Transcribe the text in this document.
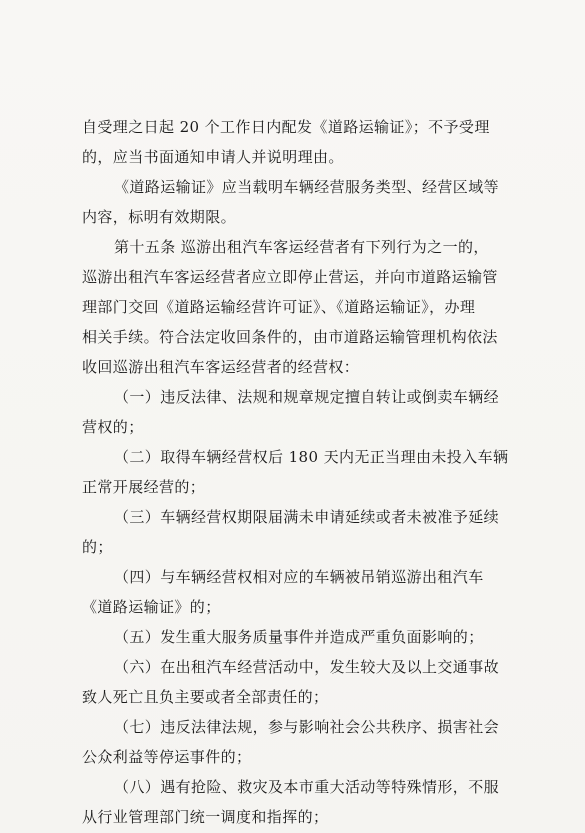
自受理之日起 20 个工作日内配发《道路运输证》；不予受理
的，应当书面通知申请人并说明理由。
《道路运输证》应当载明车辆经营服务类型、经营区域等
内容，标明有效期限。
第十五条 巡游出租汽车客运经营者有下列行为之一的，
巡游出租汽车客运经营者应立即停止营运，并向市道路运输管
理部门交回《道路运输经营许可证》、《道路运输证》，办理
相关手续。符合法定收回条件的，由市道路运输管理机构依法
收回巡游出租汽车客运经营者的经营权：
（一）违反法律、法规和规章规定擅自转让或倒卖车辆经
营权的；
（二）取得车辆经营权后 180 天内无正当理由未投入车辆
正常开展经营的；
（三）车辆经营权期限届满未申请延续或者未被准予延续
的；
（四）与车辆经营权相对应的车辆被吊销巡游出租汽车
《道路运输证》的；
（五）发生重大服务质量事件并造成严重负面影响的；
（六）在出租汽车经营活动中，发生较大及以上交通事故
致人死亡且负主要或者全部责任的；
（七）违反法律法规，参与影响社会公共秩序、损害社会
公众利益等停运事件的；
（八）遇有抢险、救灾及本市重大活动等特殊情形，不服
从行业管理部门统一调度和指挥的；
